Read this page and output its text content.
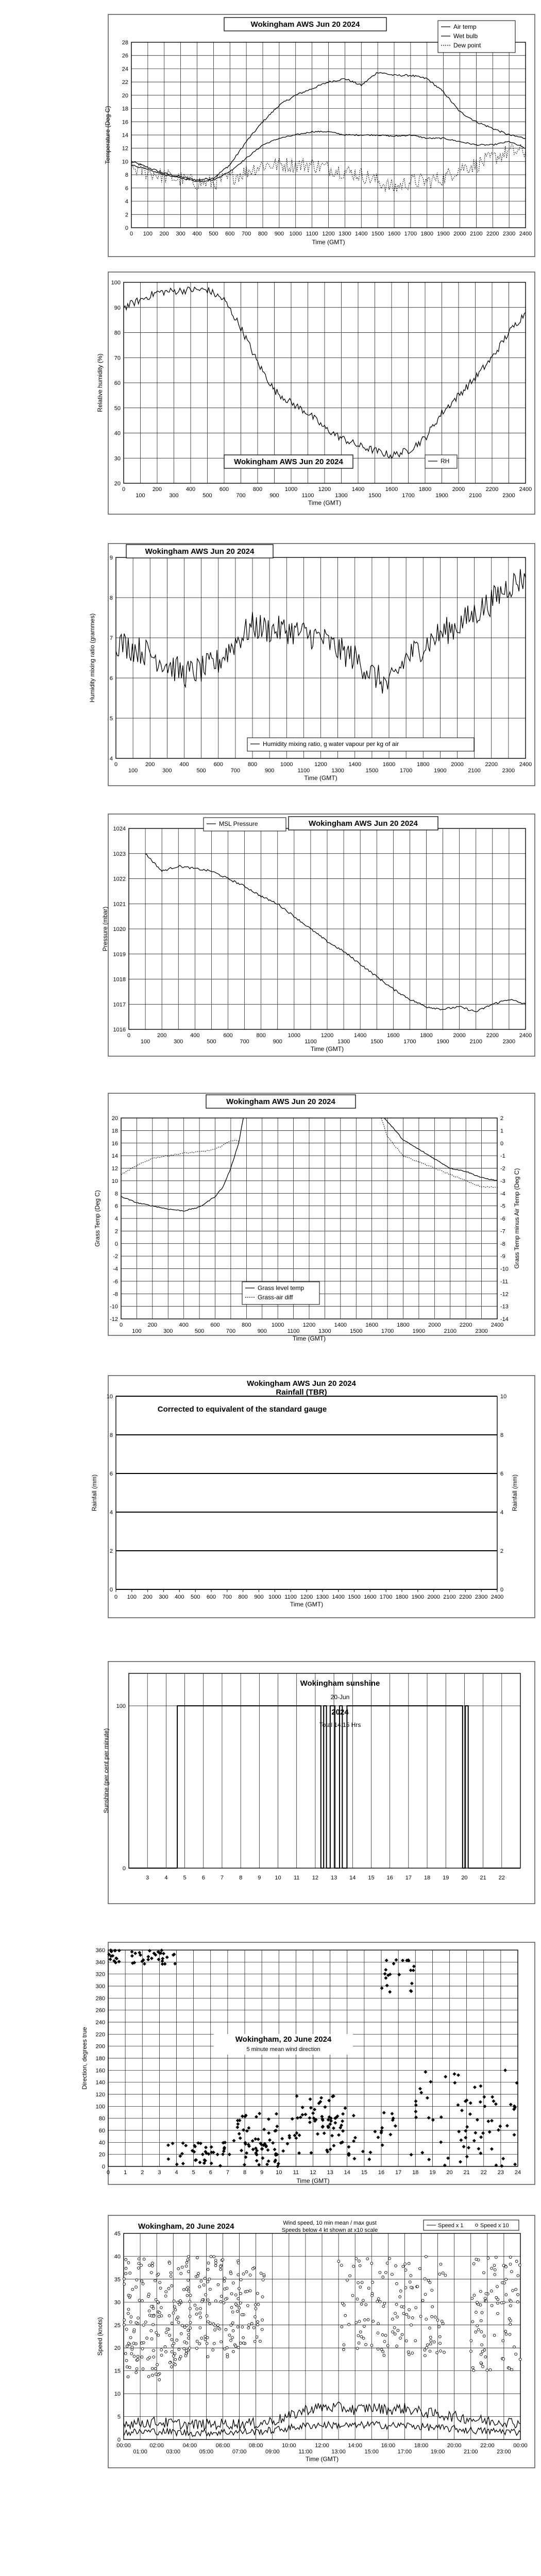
0
2
4
6
8
10
12
14
16
18
20
22
24
26
28
0 100 200 300 400 500 600 700 800 900 1000 1100 1200 1300 1400 1500 1600 1700 1800 1900 2000 2100 2200 2300 2400
Time (GMT)
Temperature (Deg C)
Wokingham AWS Jun 20 2024	Air temp
Wet bulb
Dew point
20
30
40
50
60
70
80
90
100
0
100
200
300
400
500
600
700
800
900
1000
1100
1200
1300
1400
1500
1600
1700
1800
1900
2000
2100
2200
2300
2400
Time (GMT)
Relative humidity (%)
Wokingham AWS Jun 20 2024	RH
4
5
6
7
8
9
0
100
200
300
400
500
600
700
800
900
1000
1100
1200
1300
1400
1500
1600
1700
1800
1900
2000
2100
2200
2300
2400
Time (GMT)
Humidity mixing ratio (grammes)
Wokingham AWS Jun 20 2024
Humidity mixing ratio, g water vapour per kg of air
1016
1017
1018
1019
1020
1021
1022
1023
1024
0
100
200
300
400
500
600
700
800
900
1000
1100
1200
1300
1400
1500
1600
1700
1800
1900
2000
2100
2200
2300
2400
Time (GMT)
Pressure (mbar)
MSL Pressure	Wokingham AWS Jun 20 2024
-12
-10
-8
-6
-4
-2
0
2
4
6
8
10
12
14
16
18
20
0
100
200
300
400
500
600
700
800
900
1000
1100
1200
1300
1400
1500
1600
1700
1800
1900
2000
2100
2200
2300
2400
Time (GMT)
Grass Temp (Deg C)
-14
-13
-12
-11
-10
-9
-8
-7
-6
-5
-4
-3
-2
-1
0
1
2
Grass Temp minus Air Temp (Deg C)
Wokingham AWS Jun 20 2024
Grass level temp
Grass-air diff
0	0
2	2
4	4
6	6
8	8
10	10
0 100 200 300 400 500 600 700 800 900 1000 1100 1200 1300 1400 1500 1600 1700 1800 1900 2000 2100 2200 2300 2400
Time (GMT)
Rainfall (mm)	Rainfall (mm)
Wokingham AWS Jun 20 2024
Rainfall (TBR)
Corrected to equivalent of the standard gauge
3	4	5	6	7	8	9 10 11 12 13 14 15 16 17 18 19 20 21 22
0
100
Sunshine (per cent per minute)
Wokingham sunshine
20-Jun
2024
Total 14.15 Hrs
0
20
40
60
80
100
120
140
160
180
200
220
240
260
280
300
320
340
360
0 1 2 3 4 5 6 7 8 9 10 11 12 13 14 15 16 17 18 19 20 21 22 23 24
Time (GMT)
Direction, degrees true	Wokingham, 20 June 2024
5 minute mean wind direction
0
5
10
15
20
25
30
35
40
45
00:00
01:00
02:00
03:00
04:00
05:00
06:00
07:00
08:00
09:00
10:00
11:00
12:00
13:00
14:00
15:00
16:00
17:00
18:00
19:00
20:00
21:00
22:00
23:00
00:00
Time (GMT)
Speed (knots)
Wokingham, 20 June 2024	Wind speed, 10 min mean / max gust
Speeds below 4 kt shown at x10 scale
Speed x 1	Speed x 10
